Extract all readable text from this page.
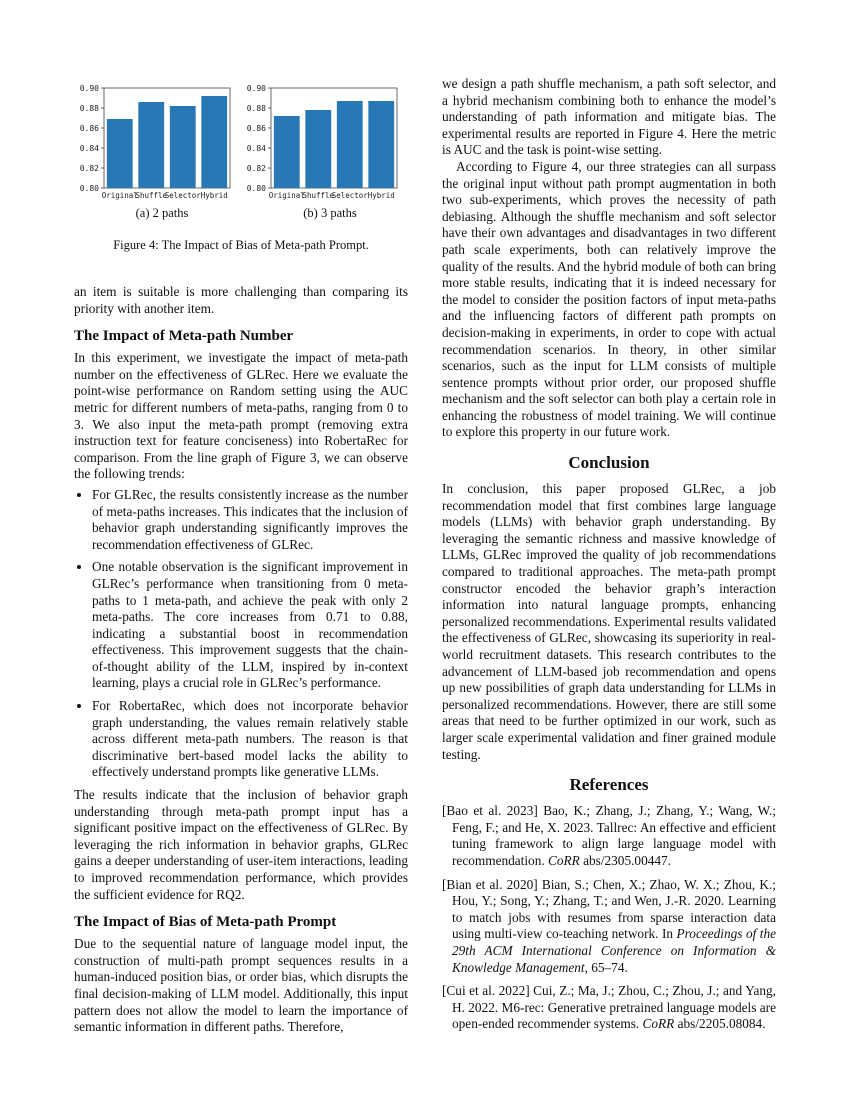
0.80
0.82
0.84
0.86
0.88
0.90
Original
Shuffle
Selector Hybrid
0.80
0.82
0.84
0.86
0.88
0.90
Original
Shuffle
Selector Hybrid
(a) 2 paths	(b) 3 paths
Figure 4: The Impact of Bias of Meta-path Prompt.

an item is suitable is more challenging than comparing its priority with another item.

The Impact of Meta-path Number

In this experiment, we investigate the impact of meta-path number on the effectiveness of GLRec. Here we evaluate the point-wise performance on Random setting using the AUC metric for different numbers of meta-paths, ranging from 0 to 3. We also input the meta-path prompt (removing extra instruction text for feature conciseness) into RobertaRec for comparison. From the line graph of Figure 3, we can observe the following trends:

• For GLRec, the results consistently increase as the number of meta-paths increases. This indicates that the inclusion of behavior graph understanding significantly improves the recommendation effectiveness of GLRec.
• One notable observation is the significant improvement in GLRec’s performance when transitioning from 0 meta-paths to 1 meta-path, and achieve the peak with only 2 meta-paths. The core increases from 0.71 to 0.88, indicating a substantial boost in recommendation effectiveness. This improvement suggests that the chain-of-thought ability of the LLM, inspired by in-context learning, plays a crucial role in GLRec’s performance.
• For RobertaRec, which does not incorporate behavior graph understanding, the values remain relatively stable across different meta-path numbers. The reason is that discriminative bert-based model lacks the ability to effectively understand prompts like generative LLMs.

The results indicate that the inclusion of behavior graph understanding through meta-path prompt input has a significant positive impact on the effectiveness of GLRec. By leveraging the rich information in behavior graphs, GLRec gains a deeper understanding of user-item interactions, leading to improved recommendation performance, which provides the sufficient evidence for RQ2.

The Impact of Bias of Meta-path Prompt

Due to the sequential nature of language model input, the construction of multi-path prompt sequences results in a human-induced position bias, or order bias, which disrupts the final decision-making of LLM model. Additionally, this input pattern does not allow the model to learn the importance of semantic information in different paths. Therefore,

we design a path shuffle mechanism, a path soft selector, and a hybrid mechanism combining both to enhance the model’s understanding of path information and mitigate bias. The experimental results are reported in Figure 4. Here the metric is AUC and the task is point-wise setting.

According to Figure 4, our three strategies can all surpass the original input without path prompt augmentation in both two sub-experiments, which proves the necessity of path debiasing. Although the shuffle mechanism and soft selector have their own advantages and disadvantages in two different path scale experiments, both can relatively improve the quality of the results. And the hybrid module of both can bring more stable results, indicating that it is indeed necessary for the model to consider the position factors of input meta-paths and the influencing factors of different path prompts on decision-making in experiments, in order to cope with actual recommendation scenarios. In theory, in other similar scenarios, such as the input for LLM consists of multiple sentence prompts without prior order, our proposed shuffle mechanism and the soft selector can both play a certain role in enhancing the robustness of model training. We will continue to explore this property in our future work.

Conclusion

In conclusion, this paper proposed GLRec, a job recommendation model that first combines large language models (LLMs) with behavior graph understanding. By leveraging the semantic richness and massive knowledge of LLMs, GLRec improved the quality of job recommendations compared to traditional approaches. The meta-path prompt constructor encoded the behavior graph’s interaction information into natural language prompts, enhancing personalized recommendations. Experimental results validated the effectiveness of GLRec, showcasing its superiority in real-world recruitment datasets. This research contributes to the advancement of LLM-based job recommendation and opens up new possibilities of graph data understanding for LLMs in personalized recommendations. However, there are still some areas that need to be further optimized in our work, such as larger scale experimental validation and finer grained module testing.

References
[Bao et al. 2023] Bao, K.; Zhang, J.; Zhang, Y.; Wang, W.; Feng, F.; and He, X. 2023. Tallrec: An effective and efficient tuning framework to align large language model with recommendation. CoRR abs/2305.00447.
[Bian et al. 2020] Bian, S.; Chen, X.; Zhao, W. X.; Zhou, K.; Hou, Y.; Song, Y.; Zhang, T.; and Wen, J.-R. 2020. Learning to match jobs with resumes from sparse interaction data using multi-view co-teaching network. In Proceedings of the 29th ACM International Conference on Information & Knowledge Management, 65–74.
[Cui et al. 2022] Cui, Z.; Ma, J.; Zhou, C.; Zhou, J.; and Yang, H. 2022. M6-rec: Generative pretrained language models are open-ended recommender systems. CoRR abs/2205.08084.
